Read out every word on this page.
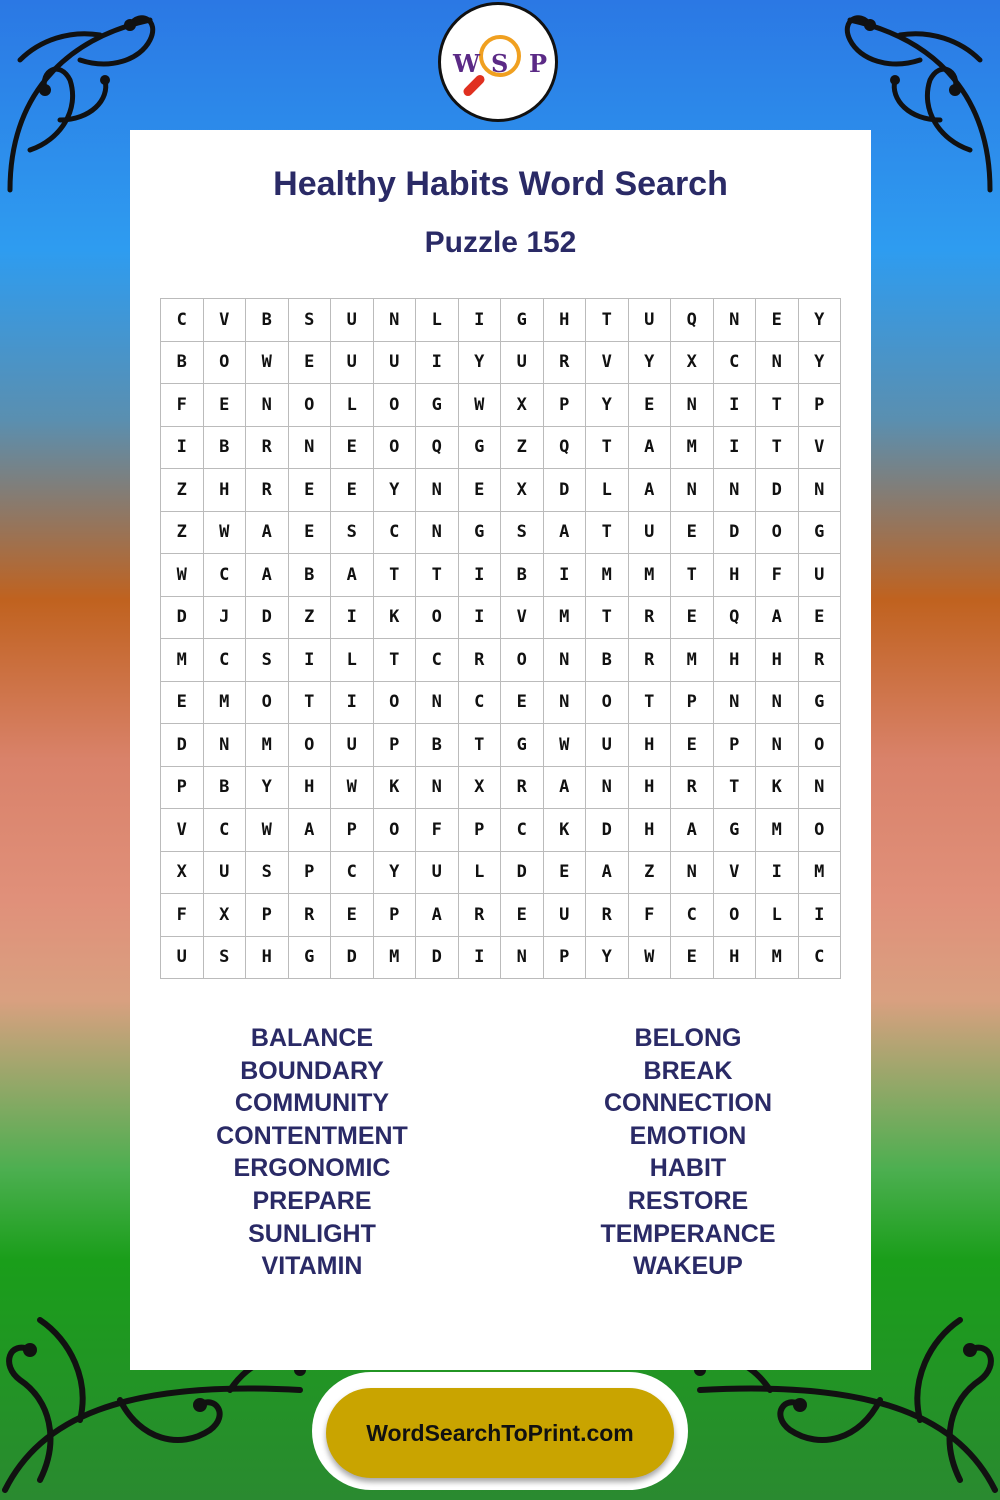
W S P
Healthy Habits Word Search
Puzzle 152
C	V	B	S	U	N	L	I	G	H	T	U	Q	N	E	Y
B	O	W	E	U	U	I	Y	U	R	V	Y	X	C	N	Y
F	E	N	O	L	O	G	W	X	P	Y	E	N	I	T	P
I	B	R	N	E	O	Q	G	Z	Q	T	A	M	I	T	V
Z	H	R	E	E	Y	N	E	X	D	L	A	N	N	D	N
Z	W	A	E	S	C	N	G	S	A	T	U	E	D	O	G
W	C	A	B	A	T	T	I	B	I	M	M	T	H	F	U
D	J	D	Z	I	K	O	I	V	M	T	R	E	Q	A	E
M	C	S	I	L	T	C	R	O	N	B	R	M	H	H	R
E	M	O	T	I	O	N	C	E	N	O	T	P	N	N	G
D	N	M	O	U	P	B	T	G	W	U	H	E	P	N	O
P	B	Y	H	W	K	N	X	R	A	N	H	R	T	K	N
V	C	W	A	P	O	F	P	C	K	D	H	A	G	M	O
X	U	S	P	C	Y	U	L	D	E	A	Z	N	V	I	M
F	X	P	R	E	P	A	R	E	U	R	F	C	O	L	I
U	S	H	G	D	M	D	I	N	P	Y	W	E	H	M	C
BALANCE
BOUNDARY
COMMUNITY
CONTENTMENT
ERGONOMIC
PREPARE
SUNLIGHT
VITAMIN
BELONG
BREAK
CONNECTION
EMOTION
HABIT
RESTORE
TEMPERANCE
WAKEUP
WordSearchToPrint.com
